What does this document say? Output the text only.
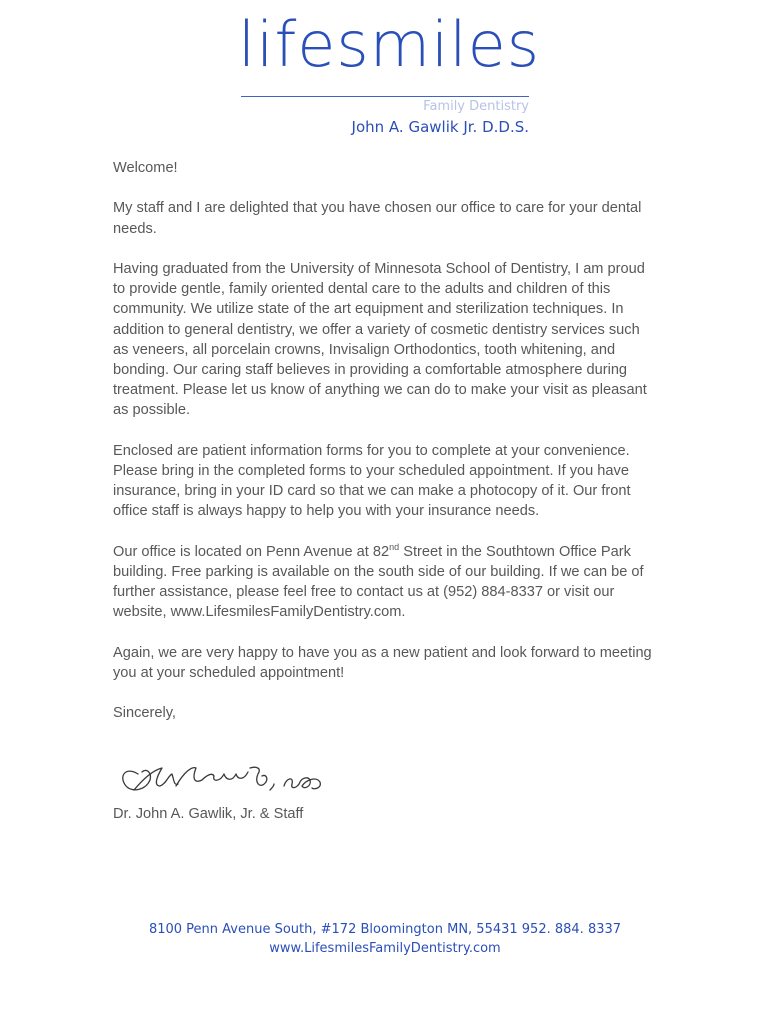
lifesmiles
Family Dentistry
John A. Gawlik Jr. D.D.S.

Welcome!

My staff and I are delighted that you have chosen our office to care for your dental needs.

Having graduated from the University of Minnesota School of Dentistry, I am proud to provide gentle, family oriented dental care to the adults and children of this community. We utilize state of the art equipment and sterilization techniques. In addition to general dentistry, we offer a variety of cosmetic dentistry services such as veneers, all porcelain crowns, Invisalign Orthodontics, tooth whitening, and bonding. Our caring staff believes in providing a comfortable atmosphere during treatment. Please let us know of anything we can do to make your visit as pleasant as possible.

Enclosed are patient information forms for you to complete at your convenience. Please bring in the completed forms to your scheduled appointment. If you have insurance, bring in your ID card so that we can make a photocopy of it. Our front office staff is always happy to help you with your insurance needs.

Our office is located on Penn Avenue at 82nd Street in the Southtown Office Park building. Free parking is available on the south side of our building. If we can be of further assistance, please feel free to contact us at (952) 884-8337 or visit our website, www.LifesmilesFamilyDentistry.com.

Again, we are very happy to have you as a new patient and look forward to meeting you at your scheduled appointment!

Sincerely,

Dr. John A. Gawlik, Jr. & Staff
8100 Penn Avenue South, #172 Bloomington MN, 55431 952. 884. 8337
www.LifesmilesFamilyDentistry.com
